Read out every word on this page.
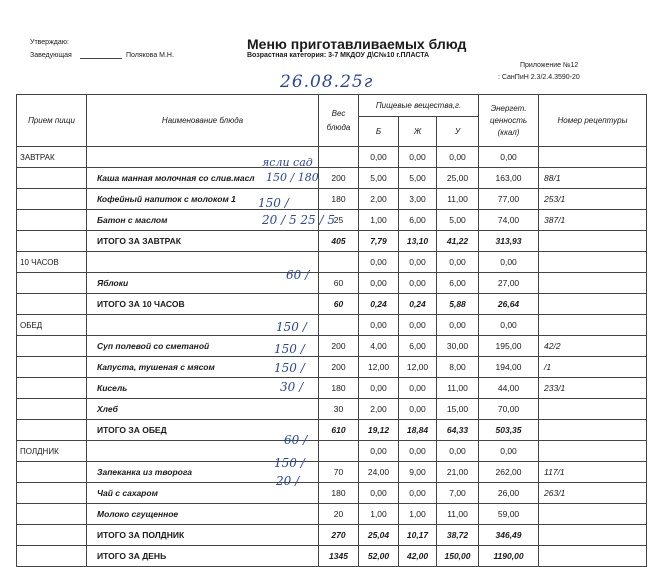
Утверждаю:
Заведующая	Полякова М.Н.
Меню приготавливаемых блюд
Возрастная категория: 3-7 МКДОУ Д\С№10 г.ПЛАСТА
Приложение №12
: СанПиН 2.3/2.4.3590-20
26.08.25г
Прием пищи	Наименование блюда	Вес блюда	Пищевые вещества,г.			Энергет. ценность (ккал)	Номер рецептуры
			Б	Ж	У		
ЗАВТРАК			0,00	0,00	0,00	0,00	
	Каша манная молочная со слив.масл	200	5,00	5,00	25,00	163,00	88/1
	Кофейный напиток с молоком 1	180	2,00	3,00	11,00	77,00	253/1
	Батон с маслом	25	1,00	6,00	5,00	74,00	387/1
	ИТОГО ЗА ЗАВТРАК	405	7,79	13,10	41,22	313,93	
10 ЧАСОВ			0,00	0,00	0,00	0,00	
	Яблоки	60	0,00	0,00	6,00	27,00	
	ИТОГО ЗА 10 ЧАСОВ	60	0,24	0,24	5,88	26,64	
ОБЕД			0,00	0,00	0,00	0,00	
	Суп полевой со сметаной	200	4,00	6,00	30,00	195,00	42/2
	Капуста, тушеная с мясом	200	12,00	12,00	8,00	194,00	/1
	Кисель	180	0,00	0,00	11,00	44,00	233/1
	Хлеб	30	2,00	0,00	15,00	70,00	
	ИТОГО ЗА ОБЕД	610	19,12	18,84	64,33	503,35	
ПОЛДНИК			0,00	0,00	0,00	0,00	
	Запеканка из творога	70	24,00	9,00	21,00	262,00	117/1
	Чай с сахаром	180	0,00	0,00	7,00	26,00	263/1
	Молоко сгущенное	20	1,00	1,00	11,00	59,00	
	ИТОГО ЗА ПОЛДНИК	270	25,04	10,17	38,72	346,49	
	ИТОГО ЗА ДЕНЬ	1345	52,00	42,00	150,00	1190,00	
ясли сад
150 / 180
150 /
20 / 5 25 / 5
60 /
150 /
150 /
150 /
30 /
60 /
150 /
20 /
